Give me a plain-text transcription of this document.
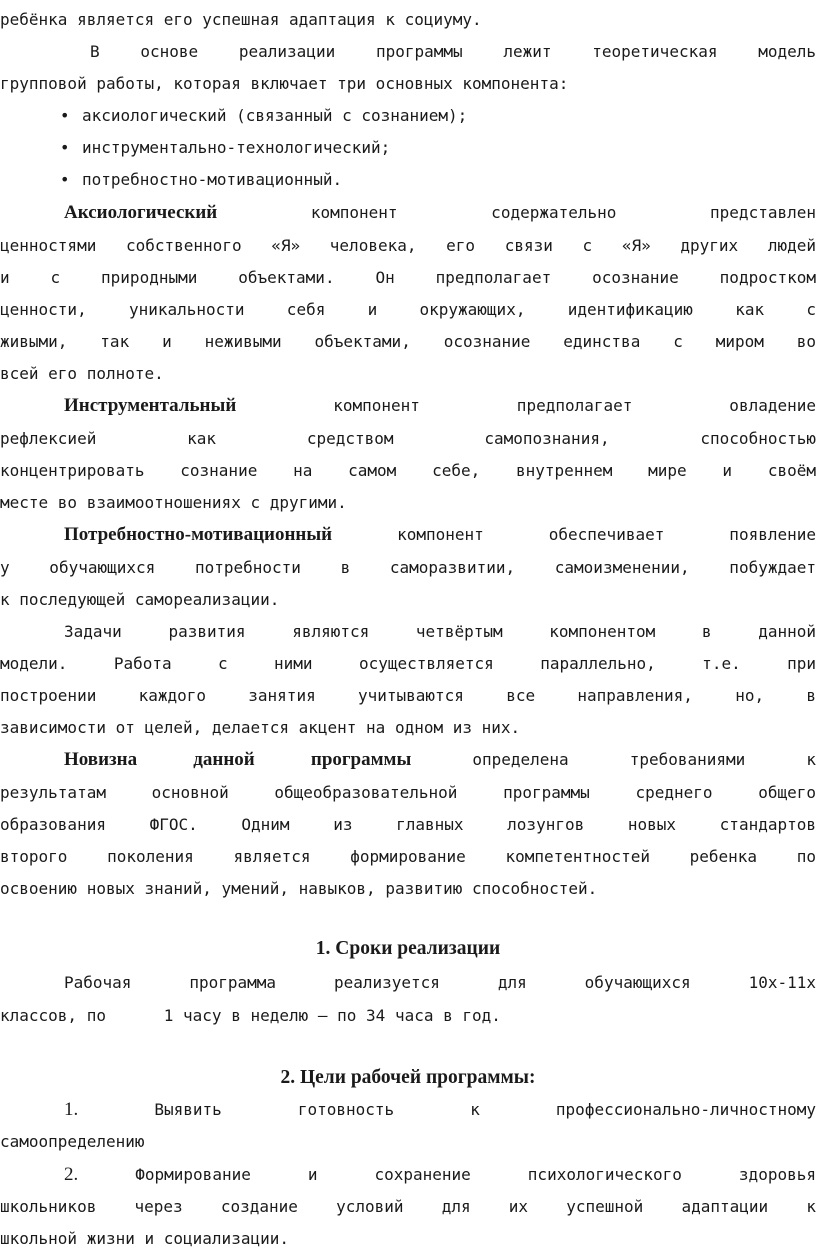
ребёнка является его успешная адаптация к социуму.
В основе реализации программы лежит теоретическая модель
групповой работы, которая включает три основных компонента:
• аксиологический (связанный с сознанием);
• инструментально-технологический;
• потребностно-мотивационный.
Аксиологический	компонент содержательно представлен
ценностями собственного «Я» человека, его связи с «Я» других людей
и с природными объектами. Он предполагает осознание подростком
ценности, уникальности себя и окружающих, идентификацию как с
живыми, так и неживыми объектами, осознание единства с миром во
всей его полноте.
Инструментальный	компонент предполагает овладение
рефлексией как средством самопознания, способностью
концентрировать сознание на самом себе, внутреннем мире и своём
месте во взаимоотношениях с другими.
Потребностно-мотивационный	компонент обеспечивает появление
у обучающихся потребности в саморазвитии, самоизменении, побуждает
к последующей самореализации.
Задачи развития являются четвёртым компонентом в данной
модели. Работа с ними осуществляется параллельно, т.е. при
построении каждого занятия учитываются все направления, но, в
зависимости от целей, делается акцент на одном из них.
Новизна данной программы	определена требованиями к
результатам основной общеобразовательной программы среднего общего
образования ФГОС. Одним из главных лозунгов новых стандартов
второго поколения является формирование компетентностей ребенка по
освоению новых знаний, умений, навыков, развитию способностей.
1. Сроки реализации
Рабочая программа реализуется для обучающихся 10х-11х
классов, по      1 часу в неделю – по 34 часа в год.
2. Цели рабочей программы:
1.	Выявить готовность к профессионально-личностному
самоопределению
2.	Формирование и сохранение психологического здоровья
школьников через создание условий для их успешной адаптации к
школьной жизни и социализации.
